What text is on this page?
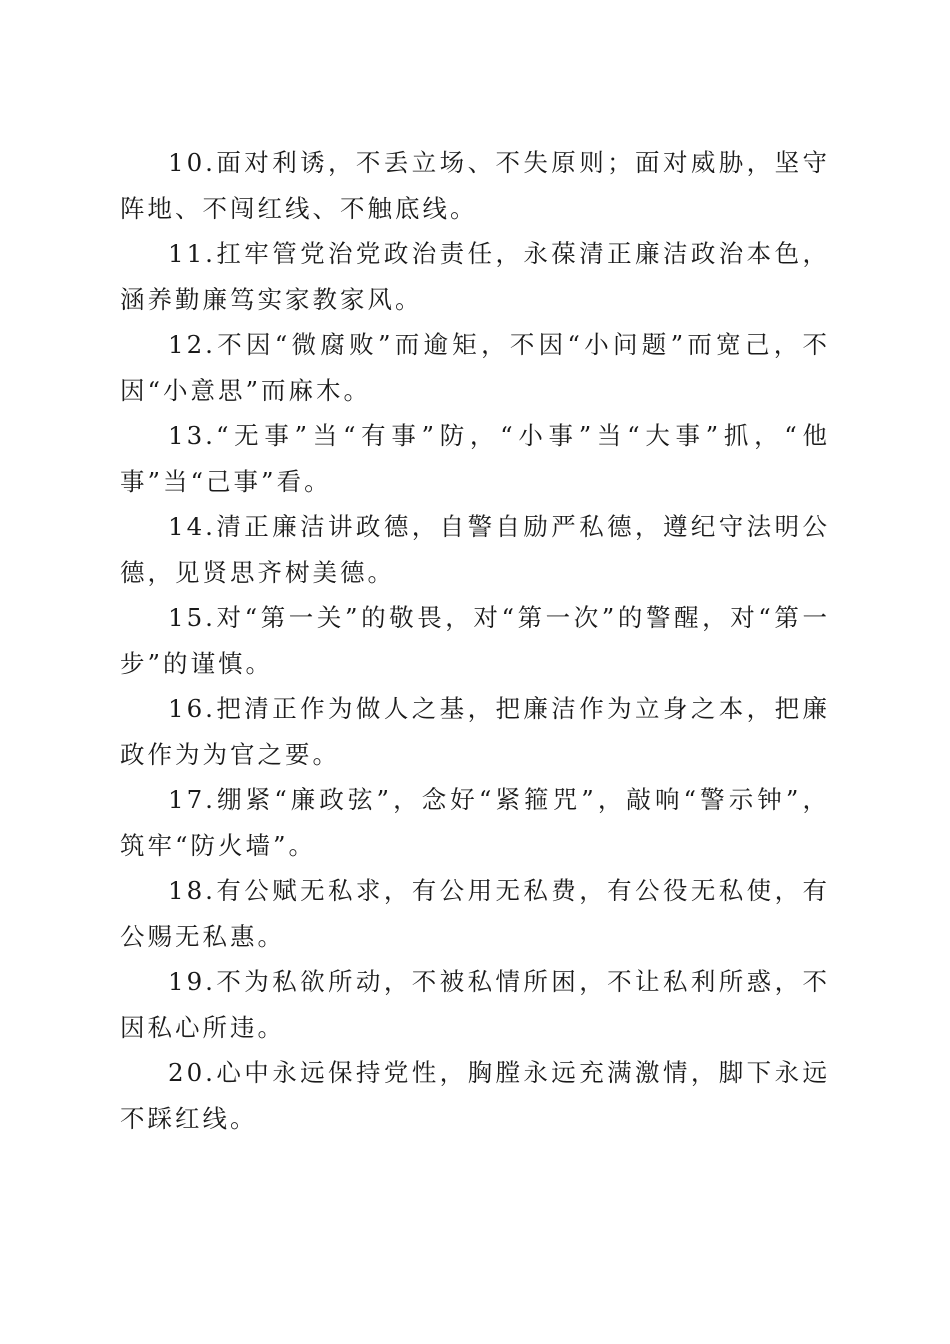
10.面对利诱，不丢立场、不失原则；面对威胁，坚守阵地、不闯红线、不触底线。

11.扛牢管党治党政治责任，永葆清正廉洁政治本色，涵养勤廉笃实家教家风。

12.不因“微腐败”而逾矩，不因“小问题”而宽己，不因“小意思”而麻木。

13.“无事”当“有事”防，“小事”当“大事”抓，“他事”当“己事”看。

14.清正廉洁讲政德，自警自励严私德，遵纪守法明公德，见贤思齐树美德。

15.对“第一关”的敬畏，对“第一次”的警醒，对“第一步”的谨慎。

16.把清正作为做人之基，把廉洁作为立身之本，把廉政作为为官之要。

17.绷紧“廉政弦”，念好“紧箍咒”，敲响“警示钟”，筑牢“防火墙”。

18.有公赋无私求，有公用无私费，有公役无私使，有公赐无私惠。

19.不为私欲所动，不被私情所困，不让私利所惑，不因私心所违。

20.心中永远保持党性，胸膛永远充满激情，脚下永远不踩红线。
